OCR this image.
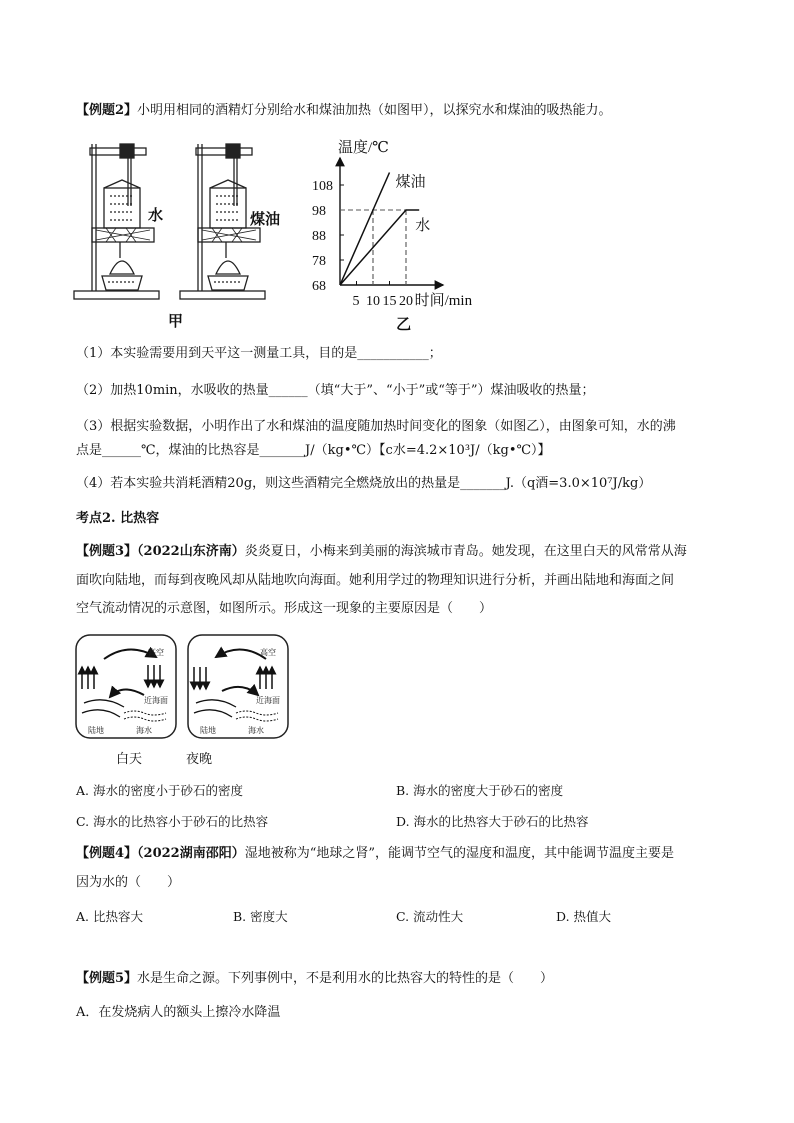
【例题2】小明用相同的酒精灯分别给水和煤油加热（如图甲），以探究水和煤油的吸热能力。
水	煤油
甲
68
78
88
98
108
5 10 15 20
煤油
水
温度/℃
时间/min
乙
（1）本实验需要用到天平这一测量工具，目的是___________；
（2）加热10min，水吸收的热量______（填“大于”、“小于”或“等于”）煤油吸收的热量；
（3）根据实验数据，小明作出了水和煤油的温度随加热时间变化的图象（如图乙），由图象可知，水的沸
点是______℃，煤油的比热容是_______J/（kg•℃）【c水=4.2×10³J/（kg•℃）】
（4）若本实验共消耗酒精20g，则这些酒精完全燃烧放出的热量是_______J.（q酒=3.0×10⁷J/kg）
考点2. 比热容
【例题3】（2022山东济南）炎炎夏日，小梅来到美丽的海滨城市青岛。她发现，在这里白天的风常常从海
面吹向陆地，而每到夜晚风却从陆地吹向海面。她利用学过的物理知识进行分析，并画出陆地和海面之间
空气流动情况的示意图，如图所示。形成这一现象的主要原因是（　　）
高空
近海面
陆地	海水
高空
近海面
陆地	海水
白天	夜晚
A. 海水的密度小于砂石的密度	B. 海水的密度大于砂石的密度
C. 海水的比热容小于砂石的比热容	D. 海水的比热容大于砂石的比热容
【例题4】（2022湖南邵阳）湿地被称为“地球之肾”，能调节空气的湿度和温度，其中能调节温度主要是
因为水的（　　）
A. 比热容大	B. 密度大	C. 流动性大	D. 热值大
【例题5】水是生命之源。下列事例中，不是利用水的比热容大的特性的是（　　）
A．在发烧病人的额头上擦冷水降温
